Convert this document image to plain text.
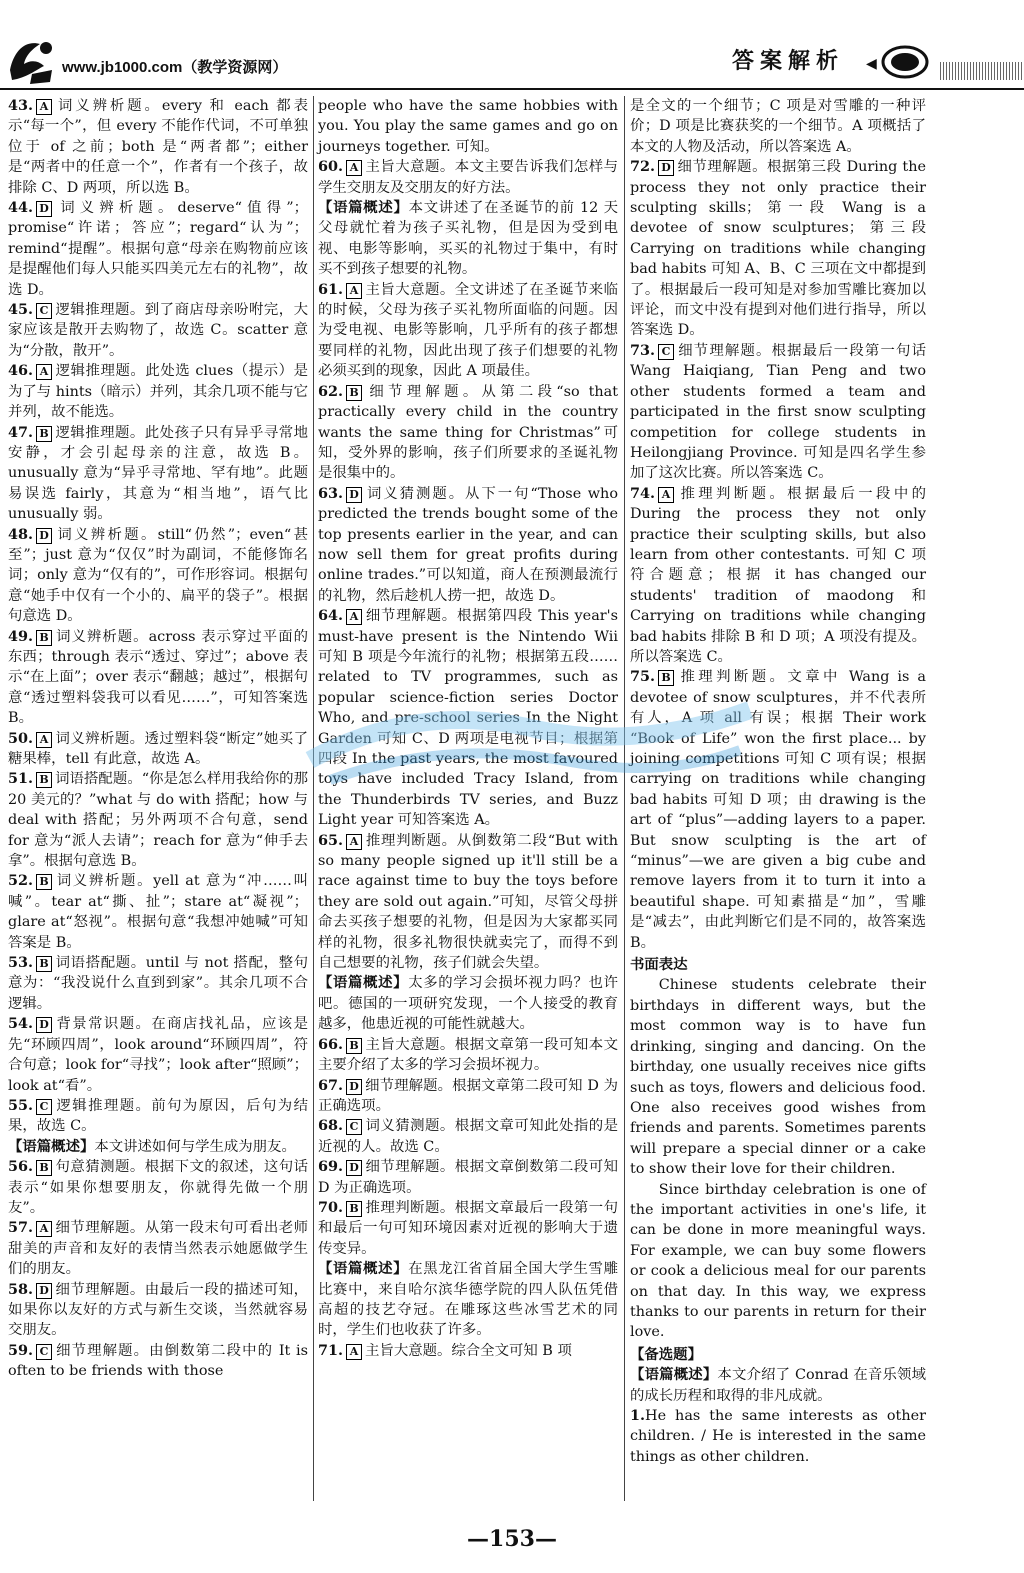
www.jb1000.com（教学资源网）	答案解析 ◀

43. A 词义辨析题。every 和 each 都表示“每一个”，但 every 不能作代词，不可单独位于 of 之前；both 是“两者都”；either 是“两者中的任意一个”，作者有一个孩子，故排除 C、D 两项，所以选 B。

44. D 词义辨析题。deserve“值得”；promise“许诺；答应”；regard“认为”；remind“提醒”。根据句意“母亲在购物前应该是提醒他们每人只能买四美元左右的礼物”，故选 D。

45. C 逻辑推理题。到了商店母亲吩咐完，大家应该是散开去购物了，故选 C。scatter 意为“分散，散开”。

46. A 逻辑推理题。此处选 clues（提示）是为了与 hints（暗示）并列，其余几项不能与它并列，故不能选。

47. B 逻辑推理题。此处孩子只有异乎寻常地安静，才会引起母亲的注意，故选 B。unusually 意为“异乎寻常地、罕有地”。此题易误选 fairly，其意为“相当地”，语气比 unusually 弱。

48. D 词义辨析题。still“仍然”；even“甚至”；just 意为“仅仅”时为副词，不能修饰名词；only 意为“仅有的”，可作形容词。根据句意“她手中仅有一个小的、扁平的袋子”。根据句意选 D。

49. B 词义辨析题。across 表示穿过平面的东西；through 表示“透过、穿过”；above 表示“在上面”；over 表示“翻越；越过”，根据句意“透过塑料袋我可以看见……”，可知答案选 B。

50. A 词义辨析题。透过塑料袋“断定”她买了糖果棒，tell 有此意，故选 A。

51. B 词语搭配题。“你是怎么样用我给你的那 20 美元的？”what 与 do with 搭配；how 与 deal with 搭配；另外两项不合句意，send for 意为“派人去请”；reach for 意为“伸手去拿”。根据句意选 B。

52. B 词义辨析题。yell at 意为“冲……叫喊”。tear at“撕、扯”；stare at“凝视”；glare at“怒视”。根据句意“我想冲她喊”可知答案是 B。

53. B 词语搭配题。until 与 not 搭配，整句意为：“我没说什么直到到家”。其余几项不合逻辑。

54. D 背景常识题。在商店找礼品，应该是先“环顾四周”，look around“环顾四周”，符合句意；look for“寻找”；look after“照顾”；look at“看”。

55. C 逻辑推理题。前句为原因，后句为结果，故选 C。

【语篇概述】本文讲述如何与学生成为朋友。

56. B 句意猜测题。根据下文的叙述，这句话表示“如果你想要朋友，你就得先做一个朋友”。

57. A 细节理解题。从第一段末句可看出老师甜美的声音和友好的表情当然表示她愿做学生们的朋友。

58. D 细节理解题。由最后一段的描述可知，如果你以友好的方式与新生交谈，当然就容易交朋友。

59. C 细节理解题。由倒数第二段中的 It is often to be friends with those

people who have the same hobbies with you. You play the same games and go on journeys together. 可知。

60. A 主旨大意题。本文主要告诉我们怎样与学生交朋友及交朋友的好方法。

【语篇概述】本文讲述了在圣诞节的前 12 天父母就忙着为孩子买礼物，但是因为受到电视、电影等影响，买买的礼物过于集中，有时买不到孩子想要的礼物。

61. A 主旨大意题。全文讲述了在圣诞节来临的时候，父母为孩子买礼物所面临的问题。因为受电视、电影等影响，几乎所有的孩子都想要同样的礼物，因此出现了孩子们想要的礼物必须买到的现象，因此 A 项最佳。

62. B 细节理解题。从第二段“so that practically every child in the country wants the same thing for Christmas”可知，受外界的影响，孩子们所要求的圣诞礼物是很集中的。

63. D 词义猜测题。从下一句“Those who predicted the trends bought some of the top presents earlier in the year, and can now sell them for great profits during online trades.”可以知道，商人在预测最流行的礼物，然后趁机人捞一把，故选 D。

64. A 细节理解题。根据第四段 This year's must-have present is the Nintendo Wii 可知 B 项是今年流行的礼物；根据第五段……related to TV programmes, such as popular science-fiction series Doctor Who, and pre-school series In the Night Garden 可知 C、D 两项是电视节目；根据第四段 In the past years, the most favoured toys have included Tracy Island, from the Thunderbirds TV series, and Buzz Light year 可知答案选 A。

65. A 推理判断题。从倒数第二段“But with so many people signed up it'll still be a race against time to buy the toys before they are sold out again.”可知，尽管父母拼命去买孩子想要的礼物，但是因为大家都买同样的礼物，很多礼物很快就卖完了，而得不到自己想要的礼物，孩子们就会失望。

【语篇概述】太多的学习会损坏视力吗？也许吧。德国的一项研究发现，一个人接受的教育越多，他患近视的可能性就越大。

66. B 主旨大意题。根据文章第一段可知本文主要介绍了太多的学习会损坏视力。

67. D 细节理解题。根据文章第二段可知 D 为正确选项。

68. C 词义猜测题。根据文章可知此处指的是近视的人。故选 C。

69. D 细节理解题。根据文章倒数第二段可知 D 为正确选项。

70. B 推理判断题。根据文章最后一段第一句和最后一句可知环境因素对近视的影响大于遗传变异。

【语篇概述】在黑龙江省首届全国大学生雪雕比赛中，来自哈尔滨华德学院的四人队伍凭借高超的技艺夺冠。在雕琢这些冰雪艺术的同时，学生们也收获了许多。

71. A 主旨大意题。综合全文可知 B 项

是全文的一个细节；C 项是对雪雕的一种评价；D 项是比赛获奖的一个细节。A 项概括了本文的人物及活动，所以答案选 A。

72. D 细节理解题。根据第三段 During the process they not only practice their sculpting skills；第一段 Wang is a devotee of snow sculptures；第三段 Carrying on traditions while changing bad habits 可知 A、B、C 三项在文中都提到了。根据最后一段可知是对参加雪雕比赛加以评论，而文中没有提到对他们进行指导，所以答案选 D。

73. C 细节理解题。根据最后一段第一句话 Wang Haiqiang, Tian Peng and two other students formed a team and participated in the first snow sculpting competition for college students in Heilongjiang Province. 可知是四名学生参加了这次比赛。所以答案选 C。

74. A 推理判断题。根据最后一段中的 During the process they not only practice their sculpting skills, but also learn from other contestants. 可知 C 项符合题意；根据 it has changed our students' tradition of maodong 和 Carrying on traditions while changing bad habits 排除 B 和 D 项；A 项没有提及。所以答案选 C。

75. B 推理判断题。文章中 Wang is a devotee of snow sculptures，并不代表所有人，A 项 all 有误；根据 Their work “Book of Life” won the first place... by joining competitions 可知 C 项有误；根据 carrying on traditions while changing bad habits 可知 D 项；由 drawing is the art of “plus”—adding layers to a paper. But snow sculpting is the art of “minus”—we are given a big cube and remove layers from it to turn it into a beautiful shape. 可知素描是“加”，雪雕是“减去”，由此判断它们是不同的，故答案选 B。

书面表达

Chinese students celebrate their birthdays in different ways, but the most common way is to have fun drinking, singing and dancing. On the birthday, one usually receives nice gifts such as toys, flowers and delicious food. One also receives good wishes from friends and parents. Sometimes parents will prepare a special dinner or a cake to show their love for their children.

Since birthday celebration is one of the important activities in one's life, it can be done in more meaningful ways. For example, we can buy some flowers or cook a delicious meal for our parents on that day. In this way, we express thanks to our parents in return for their love.

【备选题】

【语篇概述】本文介绍了 Conrad 在音乐领域的成长历程和取得的非凡成就。

1.He has the same interests as other children. / He is interested in the same things as other children.

—153—
